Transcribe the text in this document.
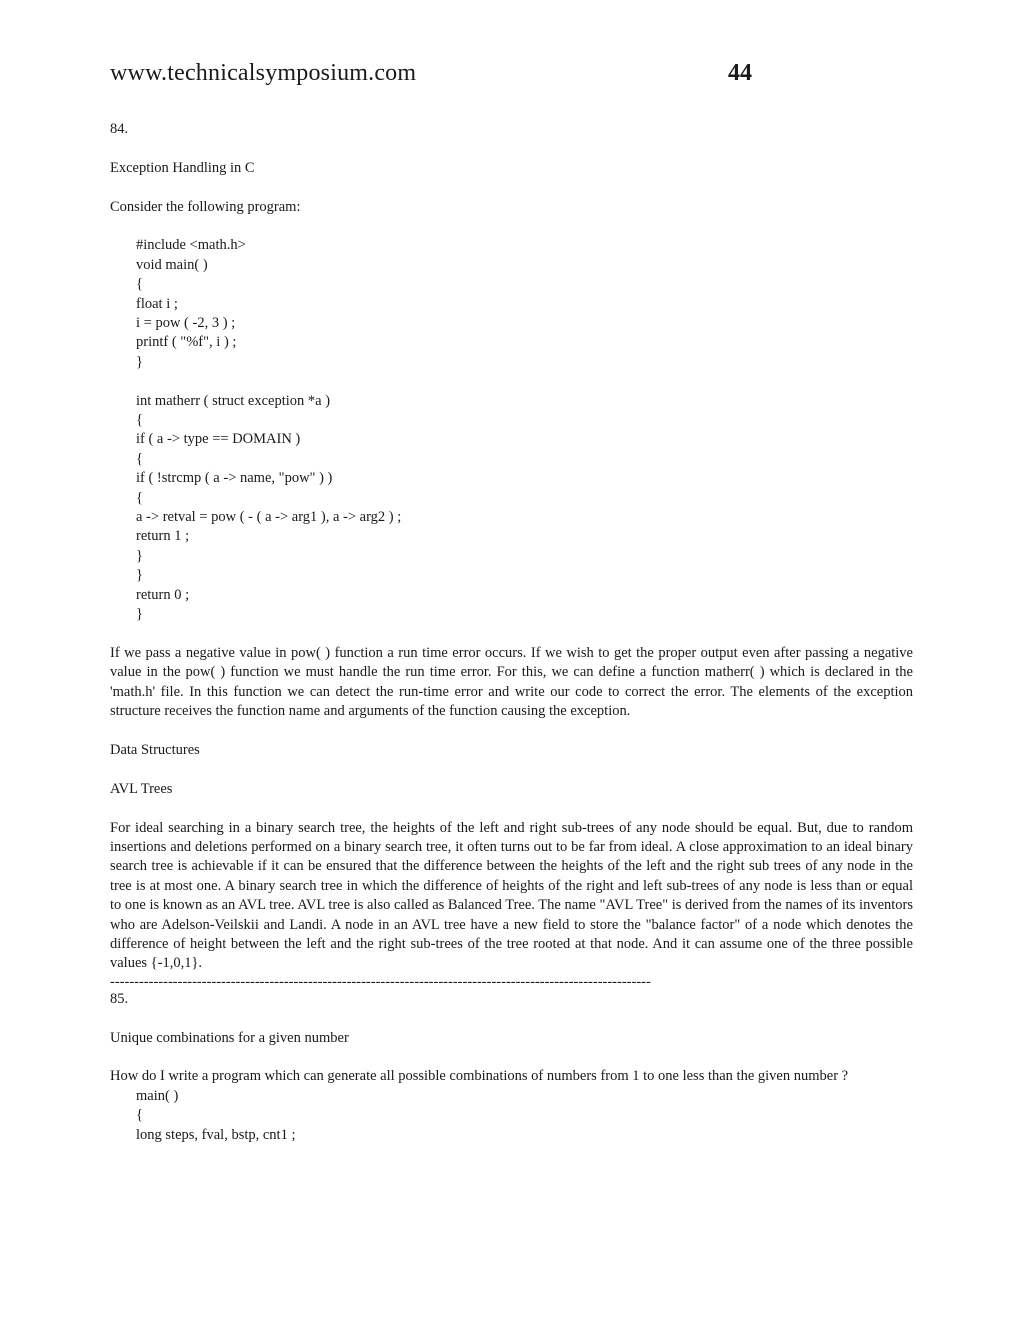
www.technicalsymposium.com	44

84.

Exception Handling in C

Consider the following program:

#include <math.h>

void main( )

{

float i ;

i = pow ( -2, 3 ) ;

printf ( "%f", i ) ;

}

int matherr ( struct exception *a )

{

if ( a -> type == DOMAIN )

{

if ( !strcmp ( a -> name, "pow" ) )

{

a -> retval = pow ( - ( a -> arg1 ), a -> arg2 ) ;

return 1 ;

}

}

return 0 ;

}

If we pass a negative value in pow( ) function a run time error occurs. If we wish to get the proper output even after passing a negative value in the pow( ) function we must handle the run time error. For this, we can define a function matherr( ) which is declared in the 'math.h' file. In this function we can detect the run-time error and write our code to correct the error. The elements of the exception structure receives the function name and arguments of the function causing the exception.

Data Structures

AVL Trees

For ideal searching in a binary search tree, the heights of the left and right sub-trees of any node should be equal. But, due to random insertions and deletions performed on a binary search tree, it often turns out to be far from ideal. A close approximation to an ideal binary search tree is achievable if it can be ensured that the difference between the heights of the left and the right sub trees of any node in the tree is at most one. A binary search tree in which the difference of heights of the right and left sub-trees of any node is less than or equal to one is known as an AVL tree. AVL tree is also called as Balanced Tree. The name "AVL Tree" is derived from the names of its inventors who are Adelson-Veilskii and Landi. A node in an AVL tree have a new field to store the "balance factor" of a node which denotes the difference of height between the left and the right sub-trees of the tree rooted at that node. And it can assume one of the three possible values {-1,0,1}.

----------------------------------------------------------------------------------------------------------------

85.

Unique combinations for a given number

How do I write a program which can generate all possible combinations of numbers from 1 to one less than the given number ?

main( )

{

long steps, fval, bstp, cnt1 ;
